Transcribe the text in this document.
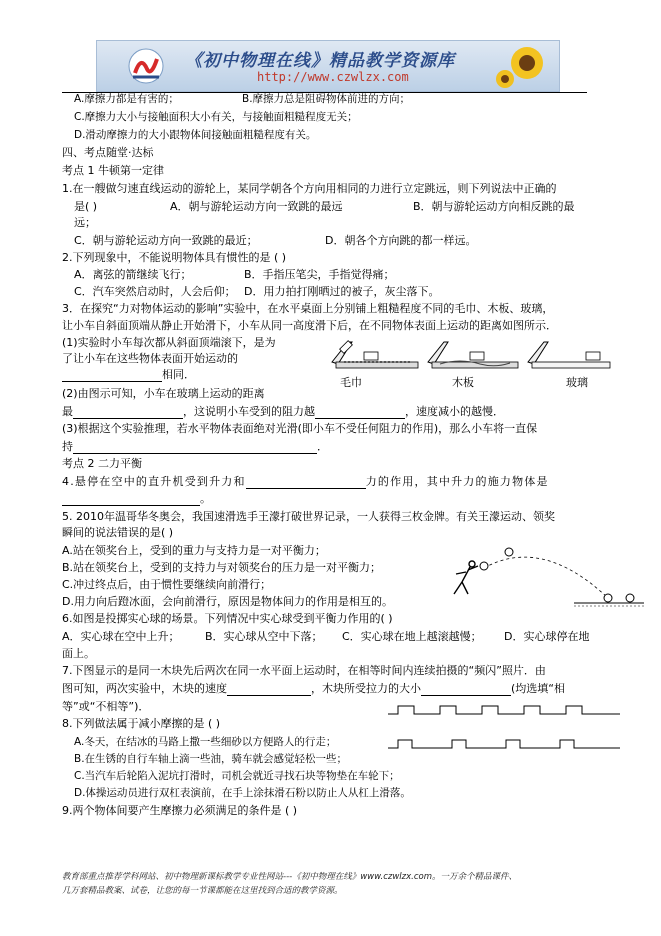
《初中物理在线》精品教学资源库
http://www.czwlzx.com
A.摩擦力都是有害的；	B.摩擦力总是阻碍物体前进的方向；
C.摩擦力大小与接触面积大小有关，与接触面粗糙程度无关；
D.滑动摩擦力的大小跟物体间接触面粗糙程度有关。
四、考点随堂·达标
考点 1 牛顿第一定律
1.在一艘做匀速直线运动的游轮上，某同学朝各个方向用相同的力进行立定跳远，则下列说法中正确的
是( )	A．朝与游轮运动方向一致跳的最远	B．朝与游轮运动方向相反跳的最
远；
C．朝与游轮运动方向一致跳的最近；	D．朝各个方向跳的都一样远。
2.下列现象中，不能说明物体具有惯性的是 ( )
A．离弦的箭继续飞行；	B．手指压笔尖，手指觉得痛；
C．汽车突然启动时，人会后仰； D．用力拍打刚晒过的被子，灰尘落下。
3．在探究“力对物体运动的影响”实验中，在水平桌面上分别铺上粗糙程度不同的毛巾、木板、玻璃，
让小车自斜面顶端从静止开始滑下，小车从同一高度滑下后，在不同物体表面上运动的距离如图所示．
(1)实验时小车每次都从斜面顶端滚下，是为
了让小车在这些物体表面开始运动的
相同．
(2)由图示可知，小车在玻璃上运动的距离
最	，这说明小车受到的阻力越	，速度减小的越慢．
(3)根据这个实验推理，若水平物体表面绝对光滑(即小车不受任何阻力的作用)，那么小车将一直保
持	．
毛巾	木板	玻璃
考点 2 二力平衡
4.悬停在空中的直升机受到升力和	力的作用，其中升力的施力物体是
。
5. 2010年温哥华冬奥会，我国速滑选手王濛打破世界记录，一人获得三枚金牌。有关王濛运动、领奖
瞬间的说法错误的是( )
A.站在领奖台上，受到的重力与支持力是一对平衡力；
B.站在领奖台上，受到的支持力与对领奖台的压力是一对平衡力；
C.冲过终点后，由于惯性要继续向前滑行；
D.用力向后蹬冰面，会向前滑行，原因是物体间力的作用是相互的。
6.如图是投掷实心球的场景。下列情况中实心球受到平衡力作用的( )
A．实心球在空中上升； B．实心球从空中下落； C．实心球在地上越滚越慢； D．实心球停在地
面上。
7.下图显示的是同一木块先后两次在同一水平面上运动时，在相等时间内连续拍摄的“频闪”照片．由
图可知，两次实验中，木块的速度	，木块所受拉力的大小	(均选填“相
等”或“不相等”)．
8.下列做法属于减小摩擦的是 ( )
A.冬天，在结冰的马路上撒一些细砂以方便路人的行走；
B.在生锈的自行车轴上滴一些油，骑车就会感觉轻松一些；
C.当汽车后轮陷入泥坑打滑时，司机会就近寻找石块等物垫在车轮下；
D.体操运动员进行双杠表演前，在手上涂抹滑石粉以防止人从杠上滑落。
9.两个物体间要产生摩擦力必须满足的条件是 ( )
教育部重点推荐学科网站、初中物理新课标教学专业性网站---《初中物理在线》www.czwlzx.com。一万余个精品课件、
几万套精品教案、试卷，让您的每一节课都能在这里找到合适的教学资源。
